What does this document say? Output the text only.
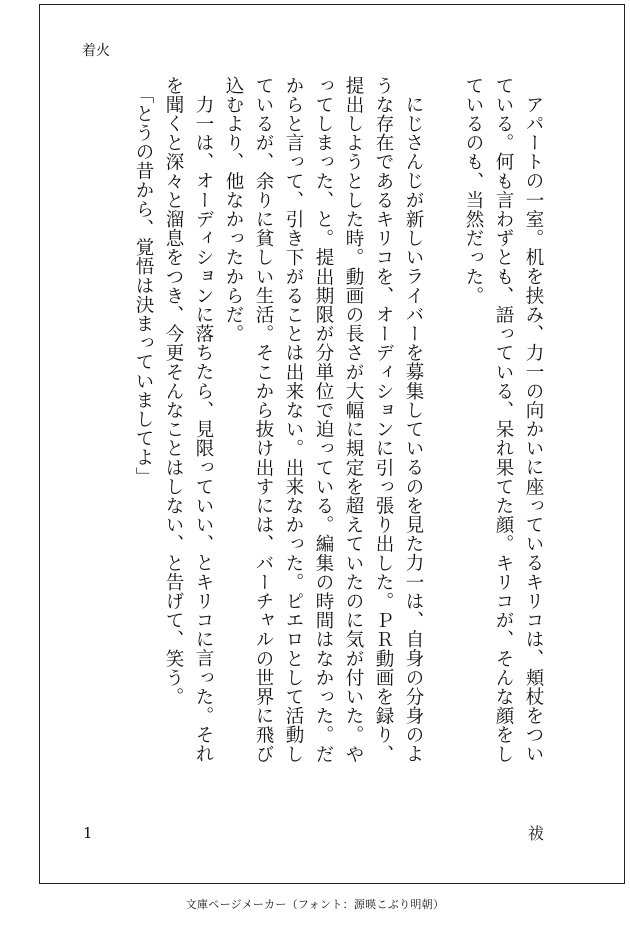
着火

アパートの一室。机を挟み、力一の向かいに座っているキリコは、頬杖をついている。何も言わずとも、語っている、呆れ果てた顔。キリコが、そんな顔をしているのも、当然だった。

にじさんじが新しいライバーを募集しているのを見た力一は、自身の分身のような存在であるキリコを、オーディションに引っ張り出した。ＰＲ動画を録り、提出しようとした時。動画の長さが大幅に規定を超えていたのに気が付いた。やってしまった、と。提出期限が分単位で迫っている。編集の時間はなかった。だからと言って、引き下がることは出来ない。出来なかった。ピエロとして活動しているが、余りに貧しい生活。そこから抜け出すには、バーチャルの世界に飛び込むより、他なかったからだ。

力一は、オーディションに落ちたら、見限っていい、とキリコに言った。それを聞くと深々と溜息をつき、今更そんなことはしない、と告げて、笑う。

「とうの昔から、覚悟は決まっていましてよ」

1	祓
文庫ページメーカー（フォント：源暎こぶり明朝）
